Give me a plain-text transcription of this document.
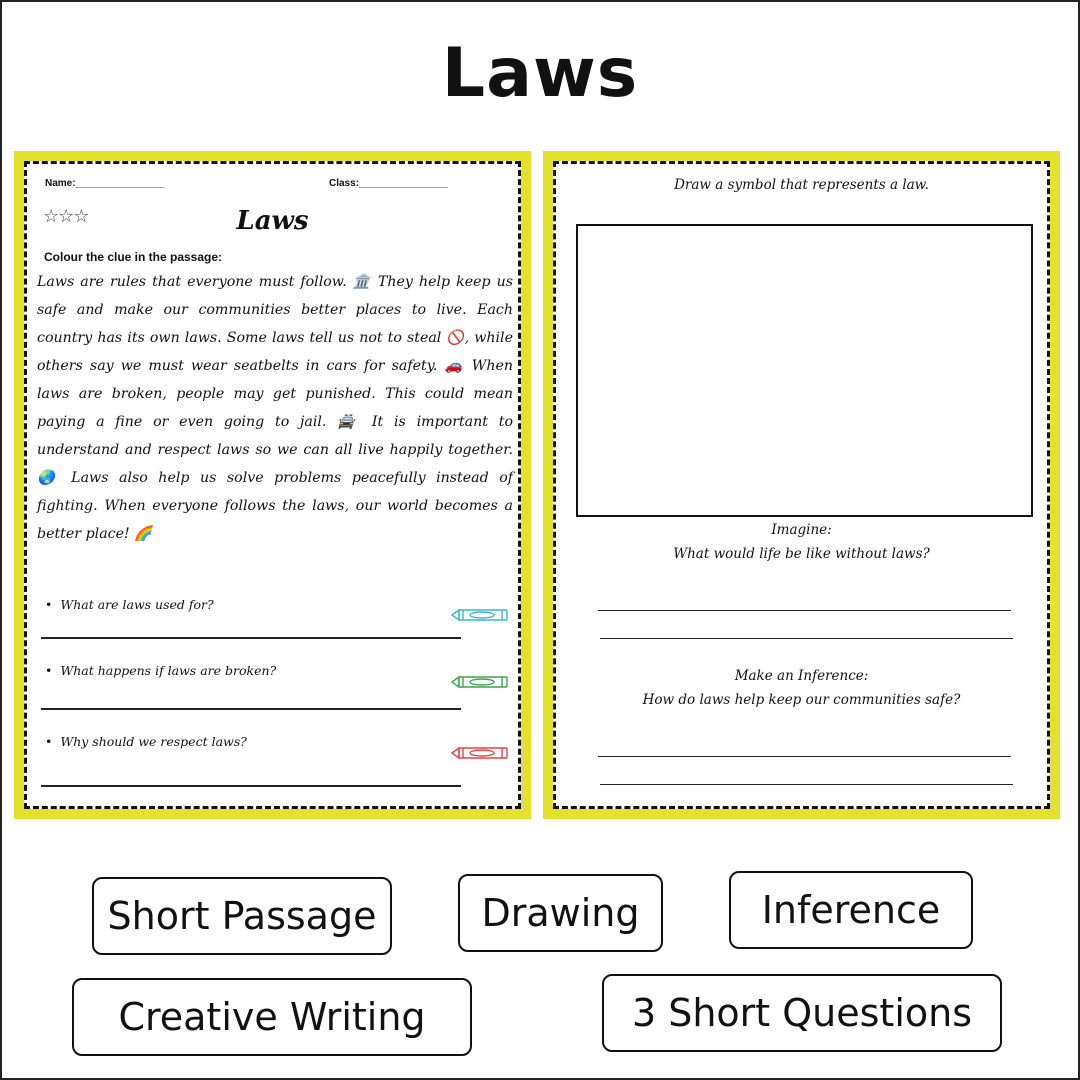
Laws
Name:________________	Class:________________
☆☆☆	Laws
Colour the clue in the passage:
Laws are rules that everyone must follow. 🏛️ They help keep us safe and make our communities better places to live. Each country has its own laws. Some laws tell us not to steal 🚫, while others say we must wear seatbelts in cars for safety. 🚗 When laws are broken, people may get punished. This could mean paying a fine or even going to jail. 🚔 It is important to understand and respect laws so we can all live happily together. 🌏 Laws also help us solve problems peacefully instead of fighting. When everyone follows the laws, our world becomes a better place! 🌈
• What are laws used for?
• What happens if laws are broken?
• Why should we respect laws?
Draw a symbol that represents a law.
Imagine:
What would life be like without laws?
Make an Inference:
How do laws help keep our communities safe?
Short Passage	Drawing	Inference
Creative Writing	3 Short Questions
